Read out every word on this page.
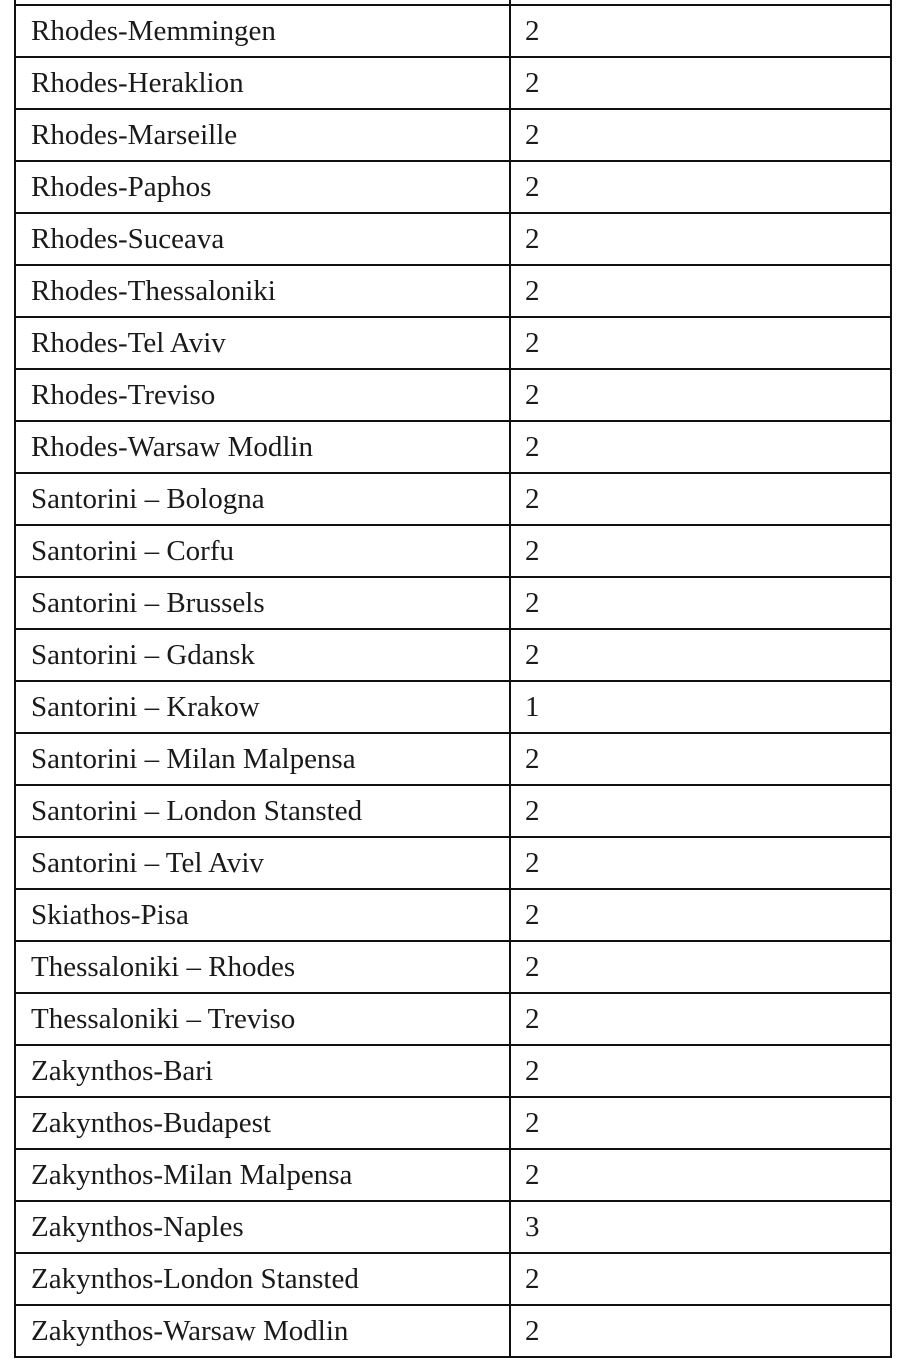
Rhodes-Memmingen	2
Rhodes-Heraklion	2
Rhodes-Marseille	2
Rhodes-Paphos	2
Rhodes-Suceava	2
Rhodes-Thessaloniki	2
Rhodes-Tel Aviv	2
Rhodes-Treviso	2
Rhodes-Warsaw Modlin	2
Santorini – Bologna	2
Santorini – Corfu	2
Santorini – Brussels	2
Santorini – Gdansk	2
Santorini – Krakow	1
Santorini – Milan Malpensa	2
Santorini – London Stansted	2
Santorini – Tel Aviv	2
Skiathos-Pisa	2
Thessaloniki – Rhodes	2
Thessaloniki – Treviso	2
Zakynthos-Bari	2
Zakynthos-Budapest	2
Zakynthos-Milan Malpensa	2
Zakynthos-Naples	3
Zakynthos-London Stansted	2
Zakynthos-Warsaw Modlin	2
